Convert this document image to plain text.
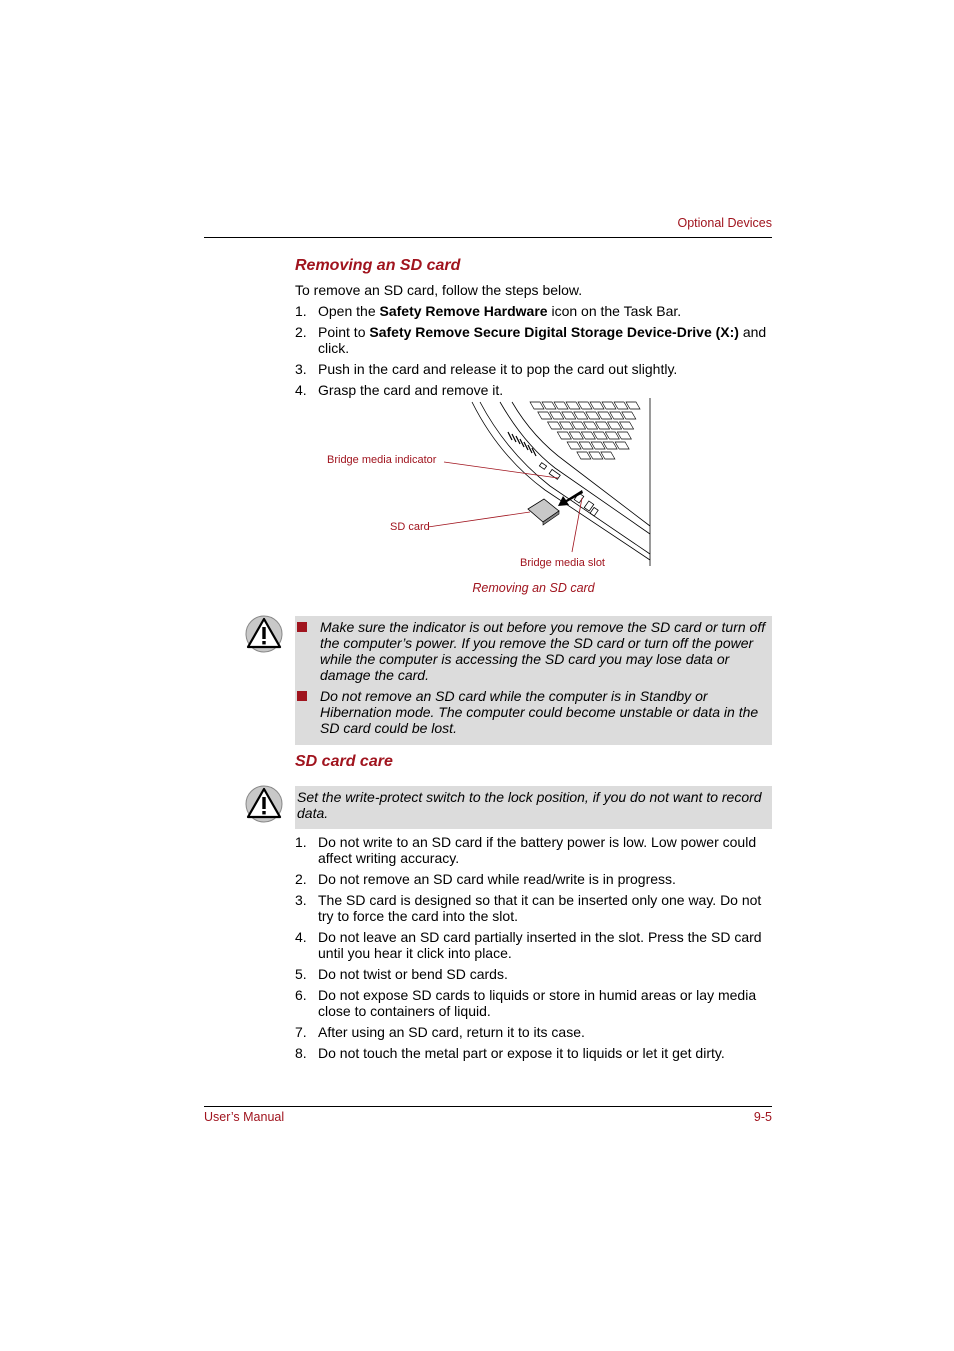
Optional Devices
Removing an SD card
To remove an SD card, follow the steps below.
1. Open the Safety Remove Hardware icon on the Task Bar.
2. Point to Safety Remove Secure Digital Storage Device-Drive (X:) and click.
3. Push in the card and release it to pop the card out slightly.
4. Grasp the card and remove it.
Bridge media indicator
SD card
Bridge media slot
Removing an SD card
Make sure the indicator is out before you remove the SD card or turn off the computer’s power. If you remove the SD card or turn off the power while the computer is accessing the SD card you may lose data or damage the card.
Do not remove an SD card while the computer is in Standby or Hibernation mode. The computer could become unstable or data in the SD card could be lost.
SD card care
Set the write-protect switch to the lock position, if you do not want to record data.
1. Do not write to an SD card if the battery power is low. Low power could affect writing accuracy.
2. Do not remove an SD card while read/write is in progress.
3. The SD card is designed so that it can be inserted only one way. Do not try to force the card into the slot.
4. Do not leave an SD card partially inserted in the slot. Press the SD card until you hear it click into place.
5. Do not twist or bend SD cards.
6. Do not expose SD cards to liquids or store in humid areas or lay media close to containers of liquid.
7. After using an SD card, return it to its case.
8. Do not touch the metal part or expose it to liquids or let it get dirty.
User’s Manual	9-5
